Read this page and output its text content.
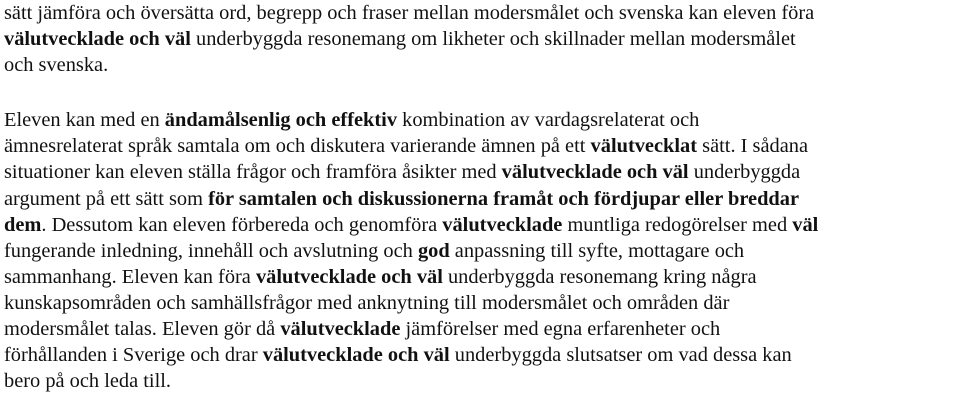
sätt jämföra och översätta ord, begrepp och fraser mellan modersmålet och svenska kan eleven föra
välutvecklade och väl underbyggda resonemang om likheter och skillnader mellan modersmålet
och svenska.
Eleven kan med en ändamålsenlig och effektiv kombination av vardagsrelaterat och
ämnesrelaterat språk samtala om och diskutera varierande ämnen på ett välutvecklat sätt. I sådana
situationer kan eleven ställa frågor och framföra åsikter med välutvecklade och väl underbyggda
argument på ett sätt som för samtalen och diskussionerna framåt och fördjupar eller breddar
dem. Dessutom kan eleven förbereda och genomföra välutvecklade muntliga redogörelser med väl
fungerande inledning, innehåll och avslutning och god anpassning till syfte, mottagare och
sammanhang. Eleven kan föra välutvecklade och väl underbyggda resonemang kring några
kunskapsområden och samhällsfrågor med anknytning till modersmålet och områden där
modersmålet talas. Eleven gör då välutvecklade jämförelser med egna erfarenheter och
förhållanden i Sverige och drar välutvecklade och väl underbyggda slutsatser om vad dessa kan
bero på och leda till.
